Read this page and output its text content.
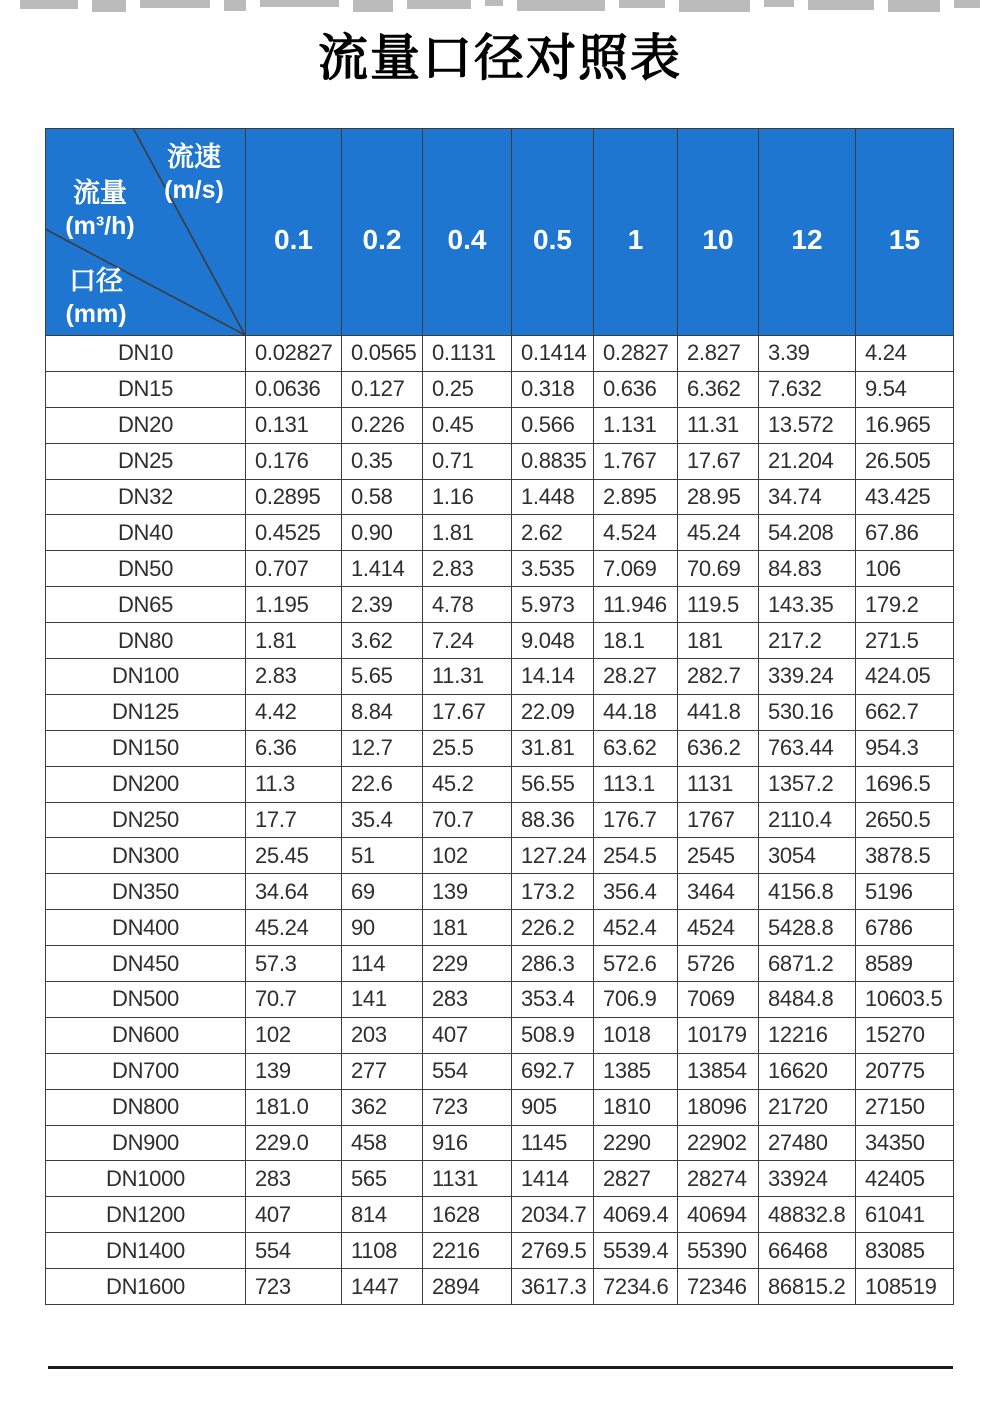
流量口径对照表
流速
(m/s)
流量
(m³/h)
口径
(mm)
	0.1	0.2	0.4	0.5	1	10	12	15
DN10	0.02827	0.0565	0.1131	0.1414	0.2827	2.827	3.39	4.24
DN15	0.0636	0.127	0.25	0.318	0.636	6.362	7.632	9.54
DN20	0.131	0.226	0.45	0.566	1.131	11.31	13.572	16.965
DN25	0.176	0.35	0.71	0.8835	1.767	17.67	21.204	26.505
DN32	0.2895	0.58	1.16	1.448	2.895	28.95	34.74	43.425
DN40	0.4525	0.90	1.81	2.62	4.524	45.24	54.208	67.86
DN50	0.707	1.414	2.83	3.535	7.069	70.69	84.83	106
DN65	1.195	2.39	4.78	5.973	11.946	119.5	143.35	179.2
DN80	1.81	3.62	7.24	9.048	18.1	181	217.2	271.5
DN100	2.83	5.65	11.31	14.14	28.27	282.7	339.24	424.05
DN125	4.42	8.84	17.67	22.09	44.18	441.8	530.16	662.7
DN150	6.36	12.7	25.5	31.81	63.62	636.2	763.44	954.3
DN200	11.3	22.6	45.2	56.55	113.1	1131	1357.2	1696.5
DN250	17.7	35.4	70.7	88.36	176.7	1767	2110.4	2650.5
DN300	25.45	51	102	127.24	254.5	2545	3054	3878.5
DN350	34.64	69	139	173.2	356.4	3464	4156.8	5196
DN400	45.24	90	181	226.2	452.4	4524	5428.8	6786
DN450	57.3	114	229	286.3	572.6	5726	6871.2	8589
DN500	70.7	141	283	353.4	706.9	7069	8484.8	10603.5
DN600	102	203	407	508.9	1018	10179	12216	15270
DN700	139	277	554	692.7	1385	13854	16620	20775
DN800	181.0	362	723	905	1810	18096	21720	27150
DN900	229.0	458	916	1145	2290	22902	27480	34350
DN1000	283	565	1131	1414	2827	28274	33924	42405
DN1200	407	814	1628	2034.7	4069.4	40694	48832.8	61041
DN1400	554	1108	2216	2769.5	5539.4	55390	66468	83085
DN1600	723	1447	2894	3617.3	7234.6	72346	86815.2	108519
